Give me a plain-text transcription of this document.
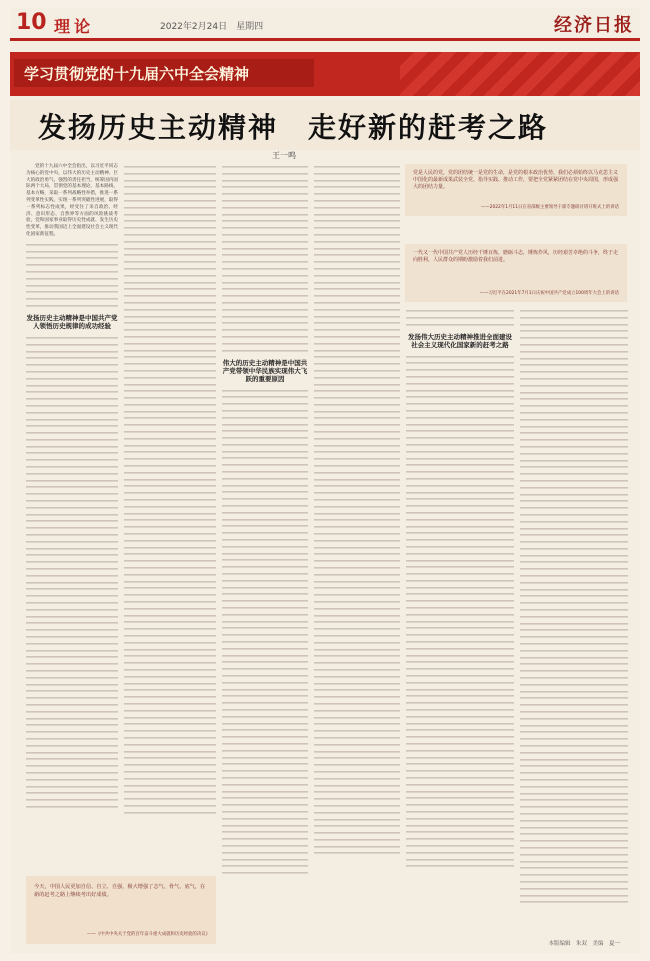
10 理论	2022年2月24日　星期四	经济日报
学习贯彻党的十九届六中全会精神
发扬历史主动精神　走好新的赶考之路
王一鸣

党的十九届六中全会指出，以习近平同志为核心的党中央，以伟大的历史主动精神、巨大的政治勇气、强烈的责任担当，统筹国内国际两个大局，贯彻党的基本理论、基本路线、基本方略，采取一系列战略性举措，推进一系列变革性实践，实现一系列突破性进展，取得一系列标志性成果，经受住了来自政治、经济、意识形态、自然界等方面的风险挑战考验，党和国家事业取得历史性成就、发生历史性变革，推动我国迈上全面建设社会主义现代化国家新征程。

发扬历史主动精神是中国共产党人领悟历史规律的成功经验
伟大的历史主动精神是中国共产党带领中华民族实现伟大飞跃的重要原因
党是人民的党，党的团结统一是党的生命，是党的根本政治优势，我们必须始终以马克思主义中国化的最新成果武装全党、指导实践、推动工作，要把全党紧紧团结在党中央周围，形成强大的团结力量。
——2022年1月11日在省部级主要领导干部专题研讨班开班式上的讲话
一代又一代中国共产党人历经千锤百炼，磨砺斗志，锤炼作风，历经艰苦卓绝的斗争，终于走向胜利，人民群众的期盼激励着我们前进。
——习近平在2021年7月1日庆祝中国共产党成立100周年大会上的讲话
发扬伟大历史主动精神推进全面建设社会主义现代化国家新的赶考之路
今天，中国人民更加自信、自立、自强，极大增强了志气、骨气、底气，在新的赶考之路上继续考出好成绩。
——《中共中央关于党的百年奋斗重大成就和历史经验的决议》
本版编辑　朱双　美编　夏一
